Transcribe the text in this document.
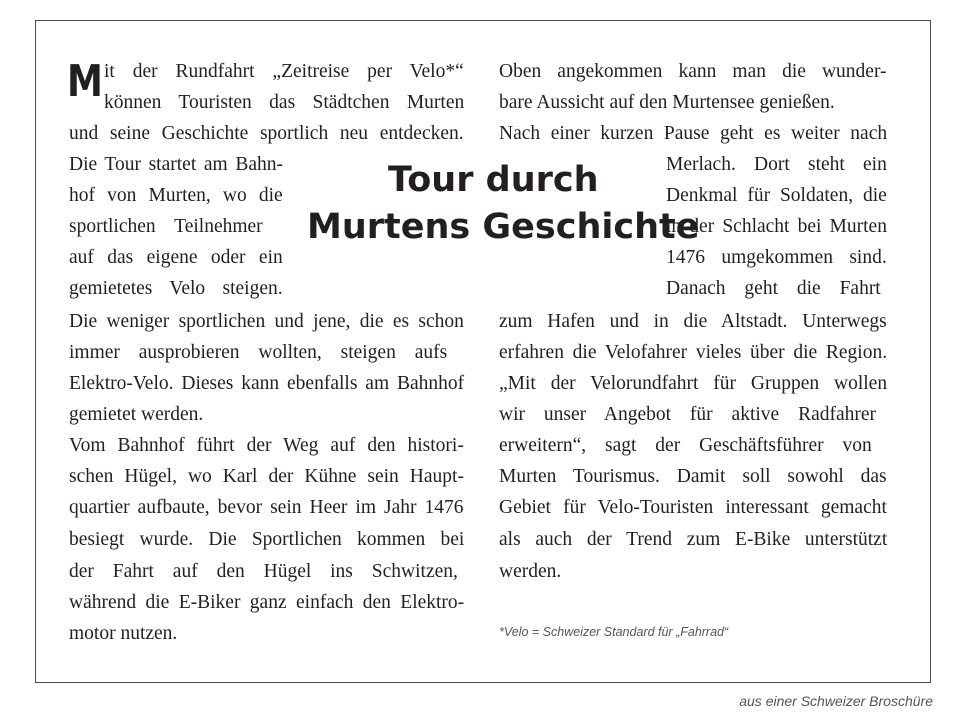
M
Tour durch
Murtens Geschichte
it der Rundfahrt „Zeitreise per Velo*“
können Touristen das Städtchen Murten
und seine Geschichte sportlich neu entdecken.
Die Tour startet am Bahn-
hof von Murten, wo die
sportlichen Teilnehmer
auf das eigene oder ein
gemietetes Velo steigen.
Die weniger sportlichen und jene, die es schon
immer ausprobieren wollten, steigen aufs
Elektro-Velo. Dieses kann ebenfalls am Bahnhof
gemietet werden.
Vom Bahnhof führt der Weg auf den histori-
schen Hügel, wo Karl der Kühne sein Haupt-
quartier aufbaute, bevor sein Heer im Jahr 1476
besiegt wurde. Die Sportlichen kommen bei
der Fahrt auf den Hügel ins Schwitzen,
während die E-Biker ganz einfach den Elektro-
motor nutzen.
Oben angekommen kann man die wunder-
bare Aussicht auf den Murtensee genießen.
Nach einer kurzen Pause geht es weiter nach
Merlach. Dort steht ein
Denkmal für Soldaten, die
in der Schlacht bei Murten
1476 umgekommen sind.
Danach geht die Fahrt
zum Hafen und in die Altstadt. Unterwegs
erfahren die Velofahrer vieles über die Region.
„Mit der Velorundfahrt für Gruppen wollen
wir unser Angebot für aktive Radfahrer
erweitern“, sagt der Geschäftsführer von
Murten Tourismus. Damit soll sowohl das
Gebiet für Velo-Touristen interessant gemacht
als auch der Trend zum E-Bike unterstützt
werden.
*Velo = Schweizer Standard für „Fahrrad“
aus einer Schweizer Broschüre
